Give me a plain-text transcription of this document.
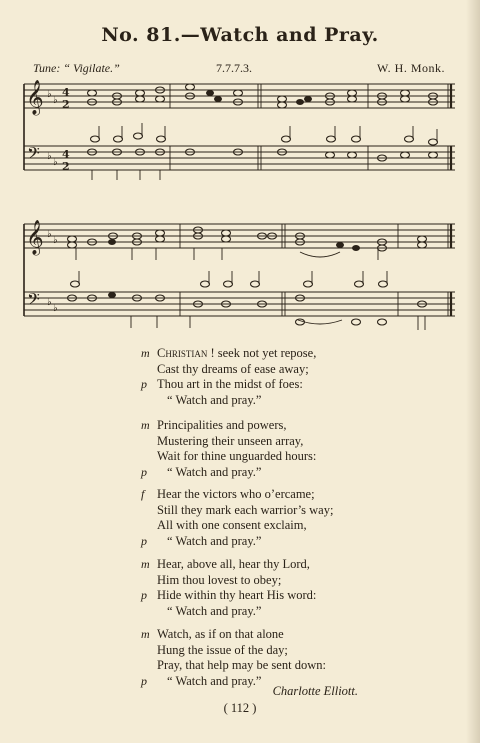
No. 81.—Watch and Pray.
Tune: “ Vigilate.”	7.7.7.3.	W. H. Monk.
𝄞
𝄢
♭
♭
♭
♭
4
2
4
2
𝄞
𝄢
♭
♭
♭
♭
m Christian ! seek not yet repose,
Cast thy dreams of ease away;
p Thou art in the midst of foes:
“ Watch and pray.”
m Principalities and powers,
Mustering their unseen array,
Wait for thine unguarded hours:
p “ Watch and pray.”
f Hear the victors who o’ercame;
Still they mark each warrior’s way;
All with one consent exclaim,
p “ Watch and pray.”
m Hear, above all, hear thy Lord,
Him thou lovest to obey;
p Hide within thy heart His word:
“ Watch and pray.”
m Watch, as if on that alone
Hung the issue of the day;
Pray, that help may be sent down:
p “ Watch and pray.”
Charlotte Elliott.
( 112 )
